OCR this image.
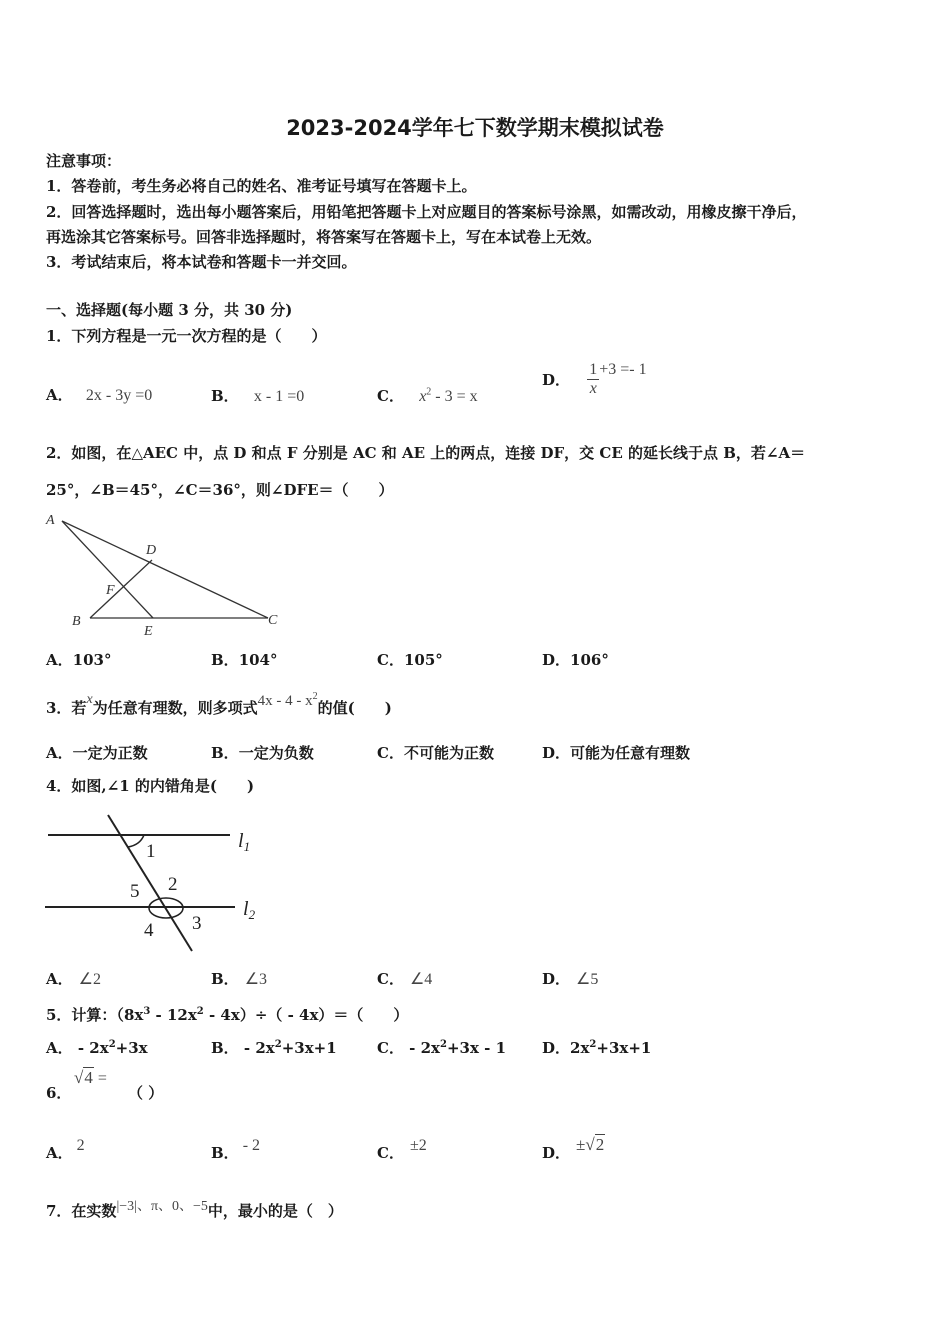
2023-2024学年七下数学期末模拟试卷
注意事项：
1．答卷前，考生务必将自己的姓名、准考证号填写在答题卡上。
2．回答选择题时，选出每小题答案后，用铅笔把答题卡上对应题目的答案标号涂黑，如需改动，用橡皮擦干净后，
再选涂其它答案标号。回答非选择题时，将答案写在答题卡上，写在本试卷上无效。
3．考试结束后，将本试卷和答题卡一并交回。
一、选择题(每小题 3 分，共 30 分)
1．下列方程是一元一次方程的是（　　）
A． 2x - 3y =0	B． x - 1 =0	C． $x^2 - 3 = x$
D． $\frac{1}{x} +3 =- 1$
2．如图，在△AEC 中，点 D 和点 F 分别是 AC 和 AE 上的两点，连接 DF，交 CE 的延长线于点 B，若∠A＝
25°，∠B＝45°，∠C＝36°，则∠DFE＝（　　）
A
D
F
B
E
C
A．103°	B．104°	C．105°	D．106°
3．若x为任意有理数，则多项式$4x - 4 - x^2$的值(　　)
A．一定为正数	B．一定为负数	C．不可能为正数	D．可能为任意有理数
4．如图,∠1 的内错角是(　　)
1
2
5
4 3
$l_1$
$l_2$
A． ∠2	B． ∠3	C． ∠4	D． ∠5
5．计算：$(8x^3 - 12x^2 - 4x)\div( - 4x)=$（　　）
A． - $2x^2+3x$	B． - $2x^2+3x+1$	C． - $2x^2+3x - 1$ D．$2x^2+3x+1$
6．
√4 =
（ ）
A． 2	B． - 2	C． ±2	D． ±√2
7．在实数|−3|、π、0、−5中，最小的是（　）
